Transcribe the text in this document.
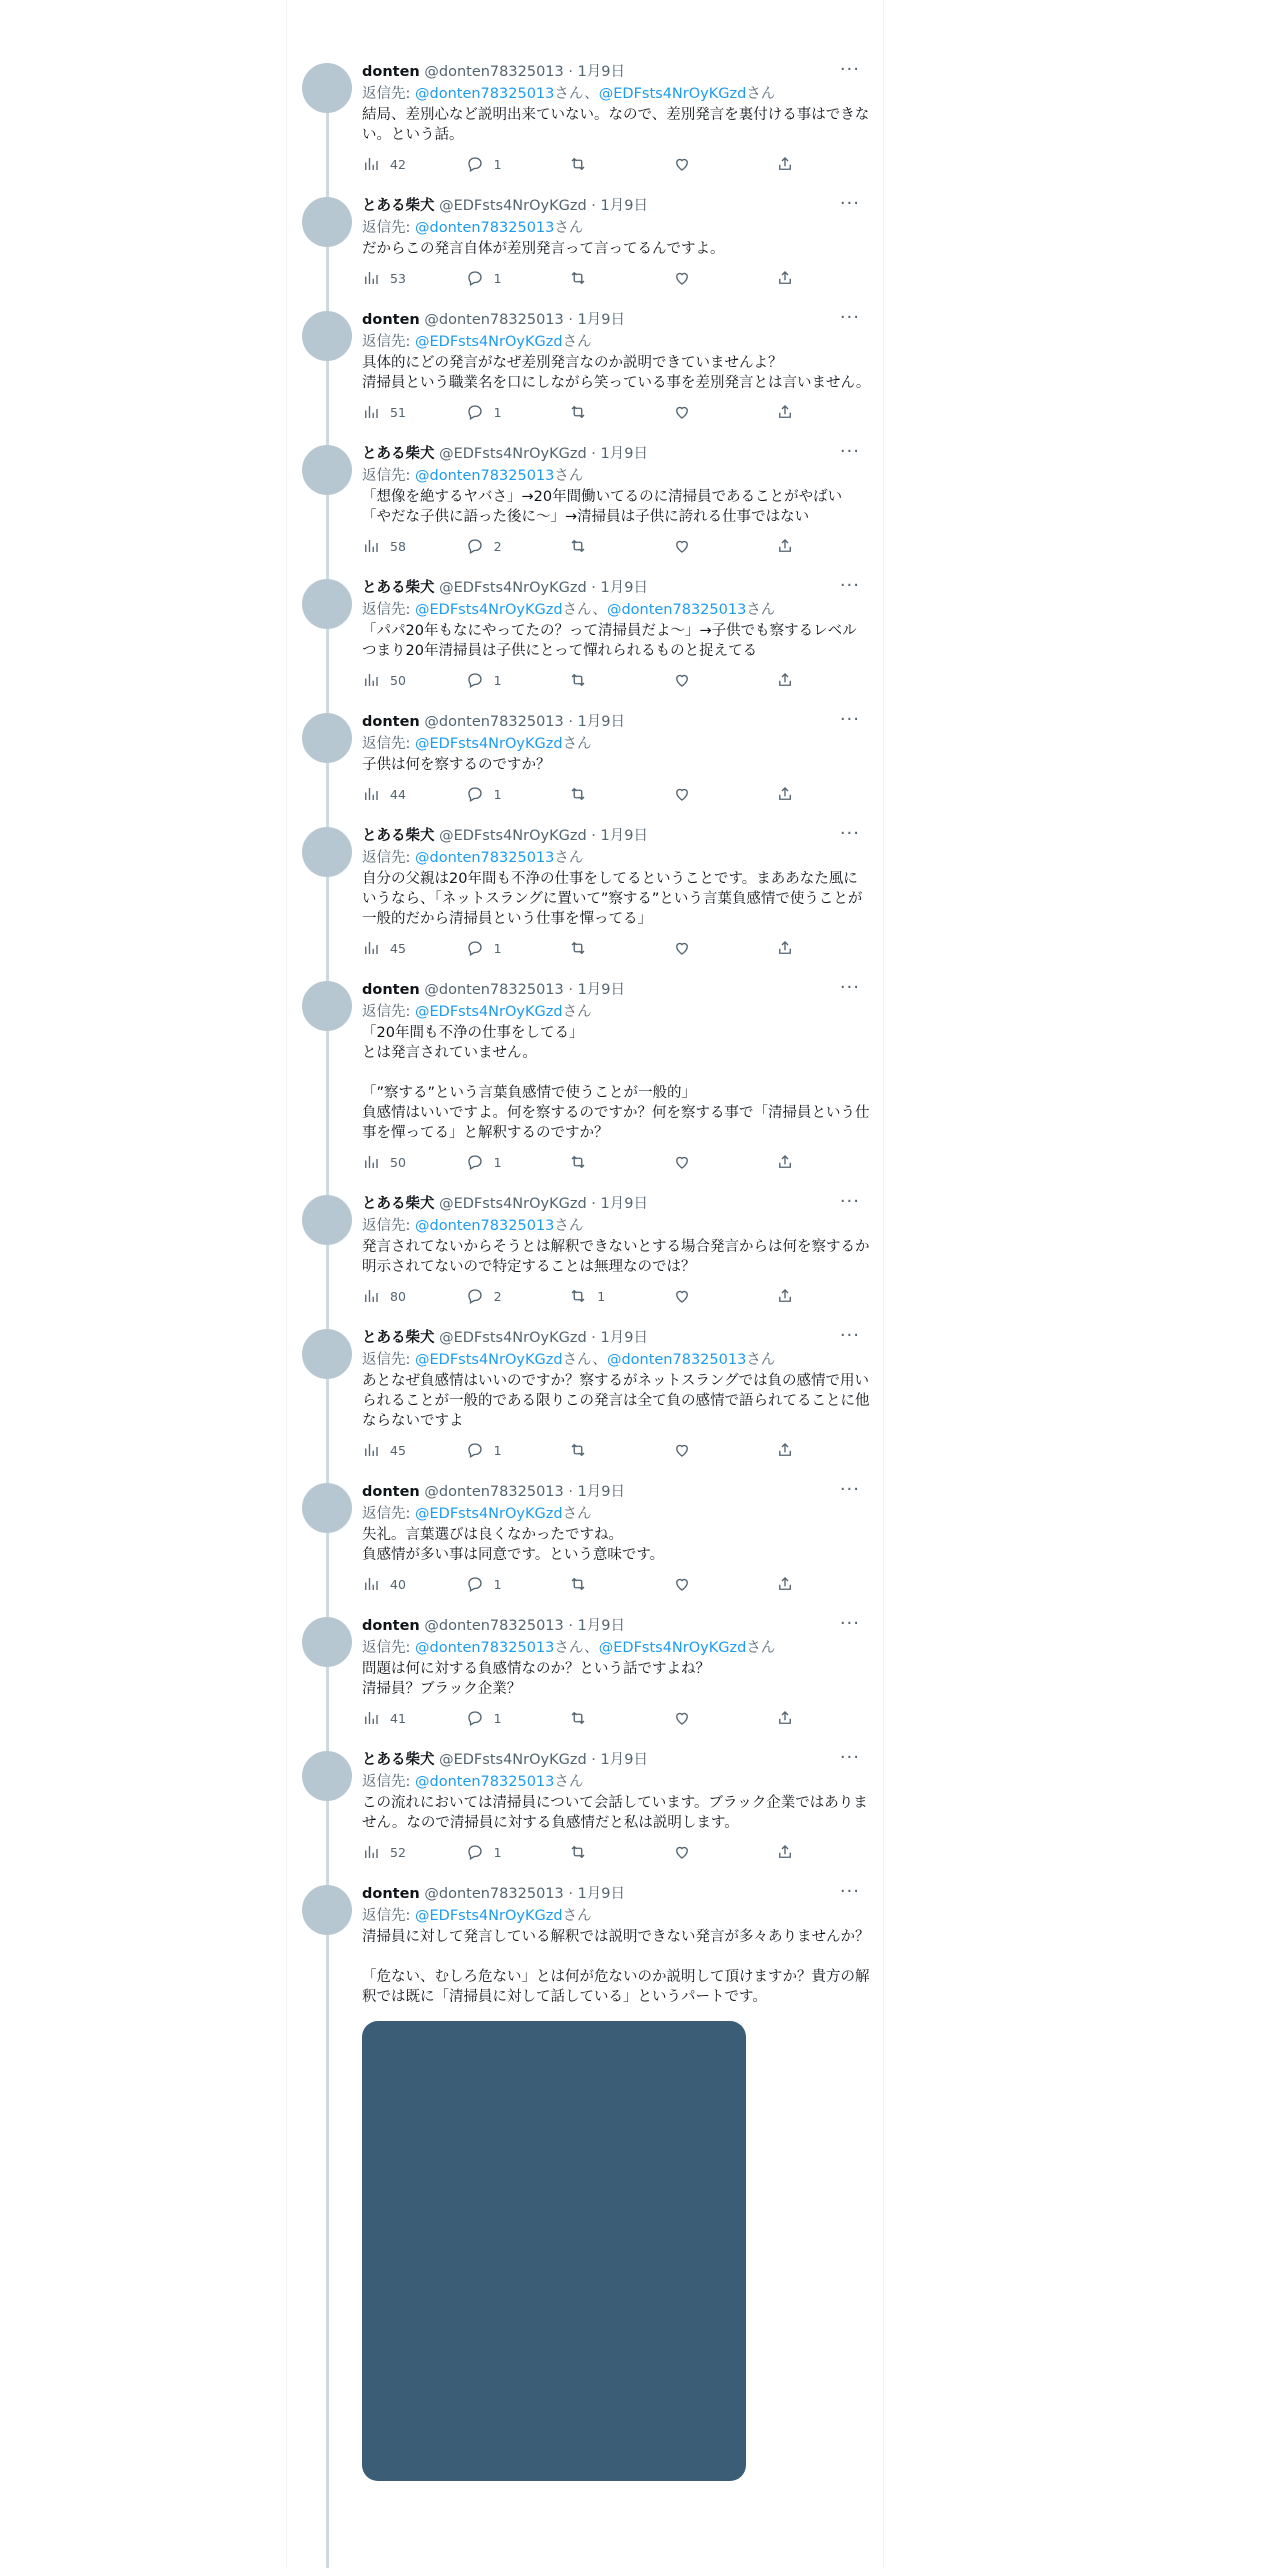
donten @donten78325013 · 1月9日	···
返信先: @donten78325013さん、@EDFsts4NrOyKGzdさん
結局、差別心など説明出来ていない。なので、差別発言を裏付ける事はできない。という話。
42	1
とある柴犬 @EDFsts4NrOyKGzd · 1月9日	···
返信先: @donten78325013さん
だからこの発言自体が差別発言って言ってるんですよ。
53	1
donten @donten78325013 · 1月9日	···
返信先: @EDFsts4NrOyKGzdさん
具体的にどの発言がなぜ差別発言なのか説明できていませんよ？
清掃員という職業名を口にしながら笑っている事を差別発言とは言いません。
51	1
とある柴犬 @EDFsts4NrOyKGzd · 1月9日	···
返信先: @donten78325013さん
「想像を絶するヤバさ」→20年間働いてるのに清掃員であることがやばい
「やだな子供に語った後に〜」→清掃員は子供に誇れる仕事ではない
58	2
とある柴犬 @EDFsts4NrOyKGzd · 1月9日	···
返信先: @EDFsts4NrOyKGzdさん、@donten78325013さん
「パパ20年もなにやってたの？って清掃員だよ〜」→子供でも察するレベル
つまり20年清掃員は子供にとって憚れられるものと捉えてる
50	1
donten @donten78325013 · 1月9日	···
返信先: @EDFsts4NrOyKGzdさん
子供は何を察するのですか？
44	1
とある柴犬 @EDFsts4NrOyKGzd · 1月9日	···
返信先: @donten78325013さん
自分の父親は20年間も不浄の仕事をしてるということです。まああなた風にいうなら、「ネットスラングに置いて”察する”という言葉負感情で使うことが一般的だから清掃員という仕事を憚ってる」
45	1
donten @donten78325013 · 1月9日	···
返信先: @EDFsts4NrOyKGzdさん
「20年間も不浄の仕事をしてる」
とは発言されていません。

「”察する”という言葉負感情で使うことが一般的」
負感情はいいですよ。何を察するのですか？何を察する事で「清掃員という仕事を憚ってる」と解釈するのですか？
50	1
とある柴犬 @EDFsts4NrOyKGzd · 1月9日	···
返信先: @donten78325013さん
発言されてないからそうとは解釈できないとする場合発言からは何を察するか明示されてないので特定することは無理なのでは？
80	2	1
とある柴犬 @EDFsts4NrOyKGzd · 1月9日	···
返信先: @EDFsts4NrOyKGzdさん、@donten78325013さん
あとなぜ負感情はいいのですか？察するがネットスラングでは負の感情で用いられることが一般的である限りこの発言は全て負の感情で語られてることに他ならないですよ
45	1
donten @donten78325013 · 1月9日	···
返信先: @EDFsts4NrOyKGzdさん
失礼。言葉選びは良くなかったですね。
負感情が多い事は同意です。という意味です。
40	1
donten @donten78325013 · 1月9日	···
返信先: @donten78325013さん、@EDFsts4NrOyKGzdさん
問題は何に対する負感情なのか？という話ですよね？
清掃員？ブラック企業？
41	1
とある柴犬 @EDFsts4NrOyKGzd · 1月9日	···
返信先: @donten78325013さん
この流れにおいては清掃員について会話しています。ブラック企業ではありません。なので清掃員に対する負感情だと私は説明します。
52	1
donten @donten78325013 · 1月9日	···
返信先: @EDFsts4NrOyKGzdさん
清掃員に対して発言している解釈では説明できない発言が多々ありませんか？

「危ない、むしろ危ない」とは何が危ないのか説明して頂けますか？貴方の解釈では既に「清掃員に対して話している」というパートです。
